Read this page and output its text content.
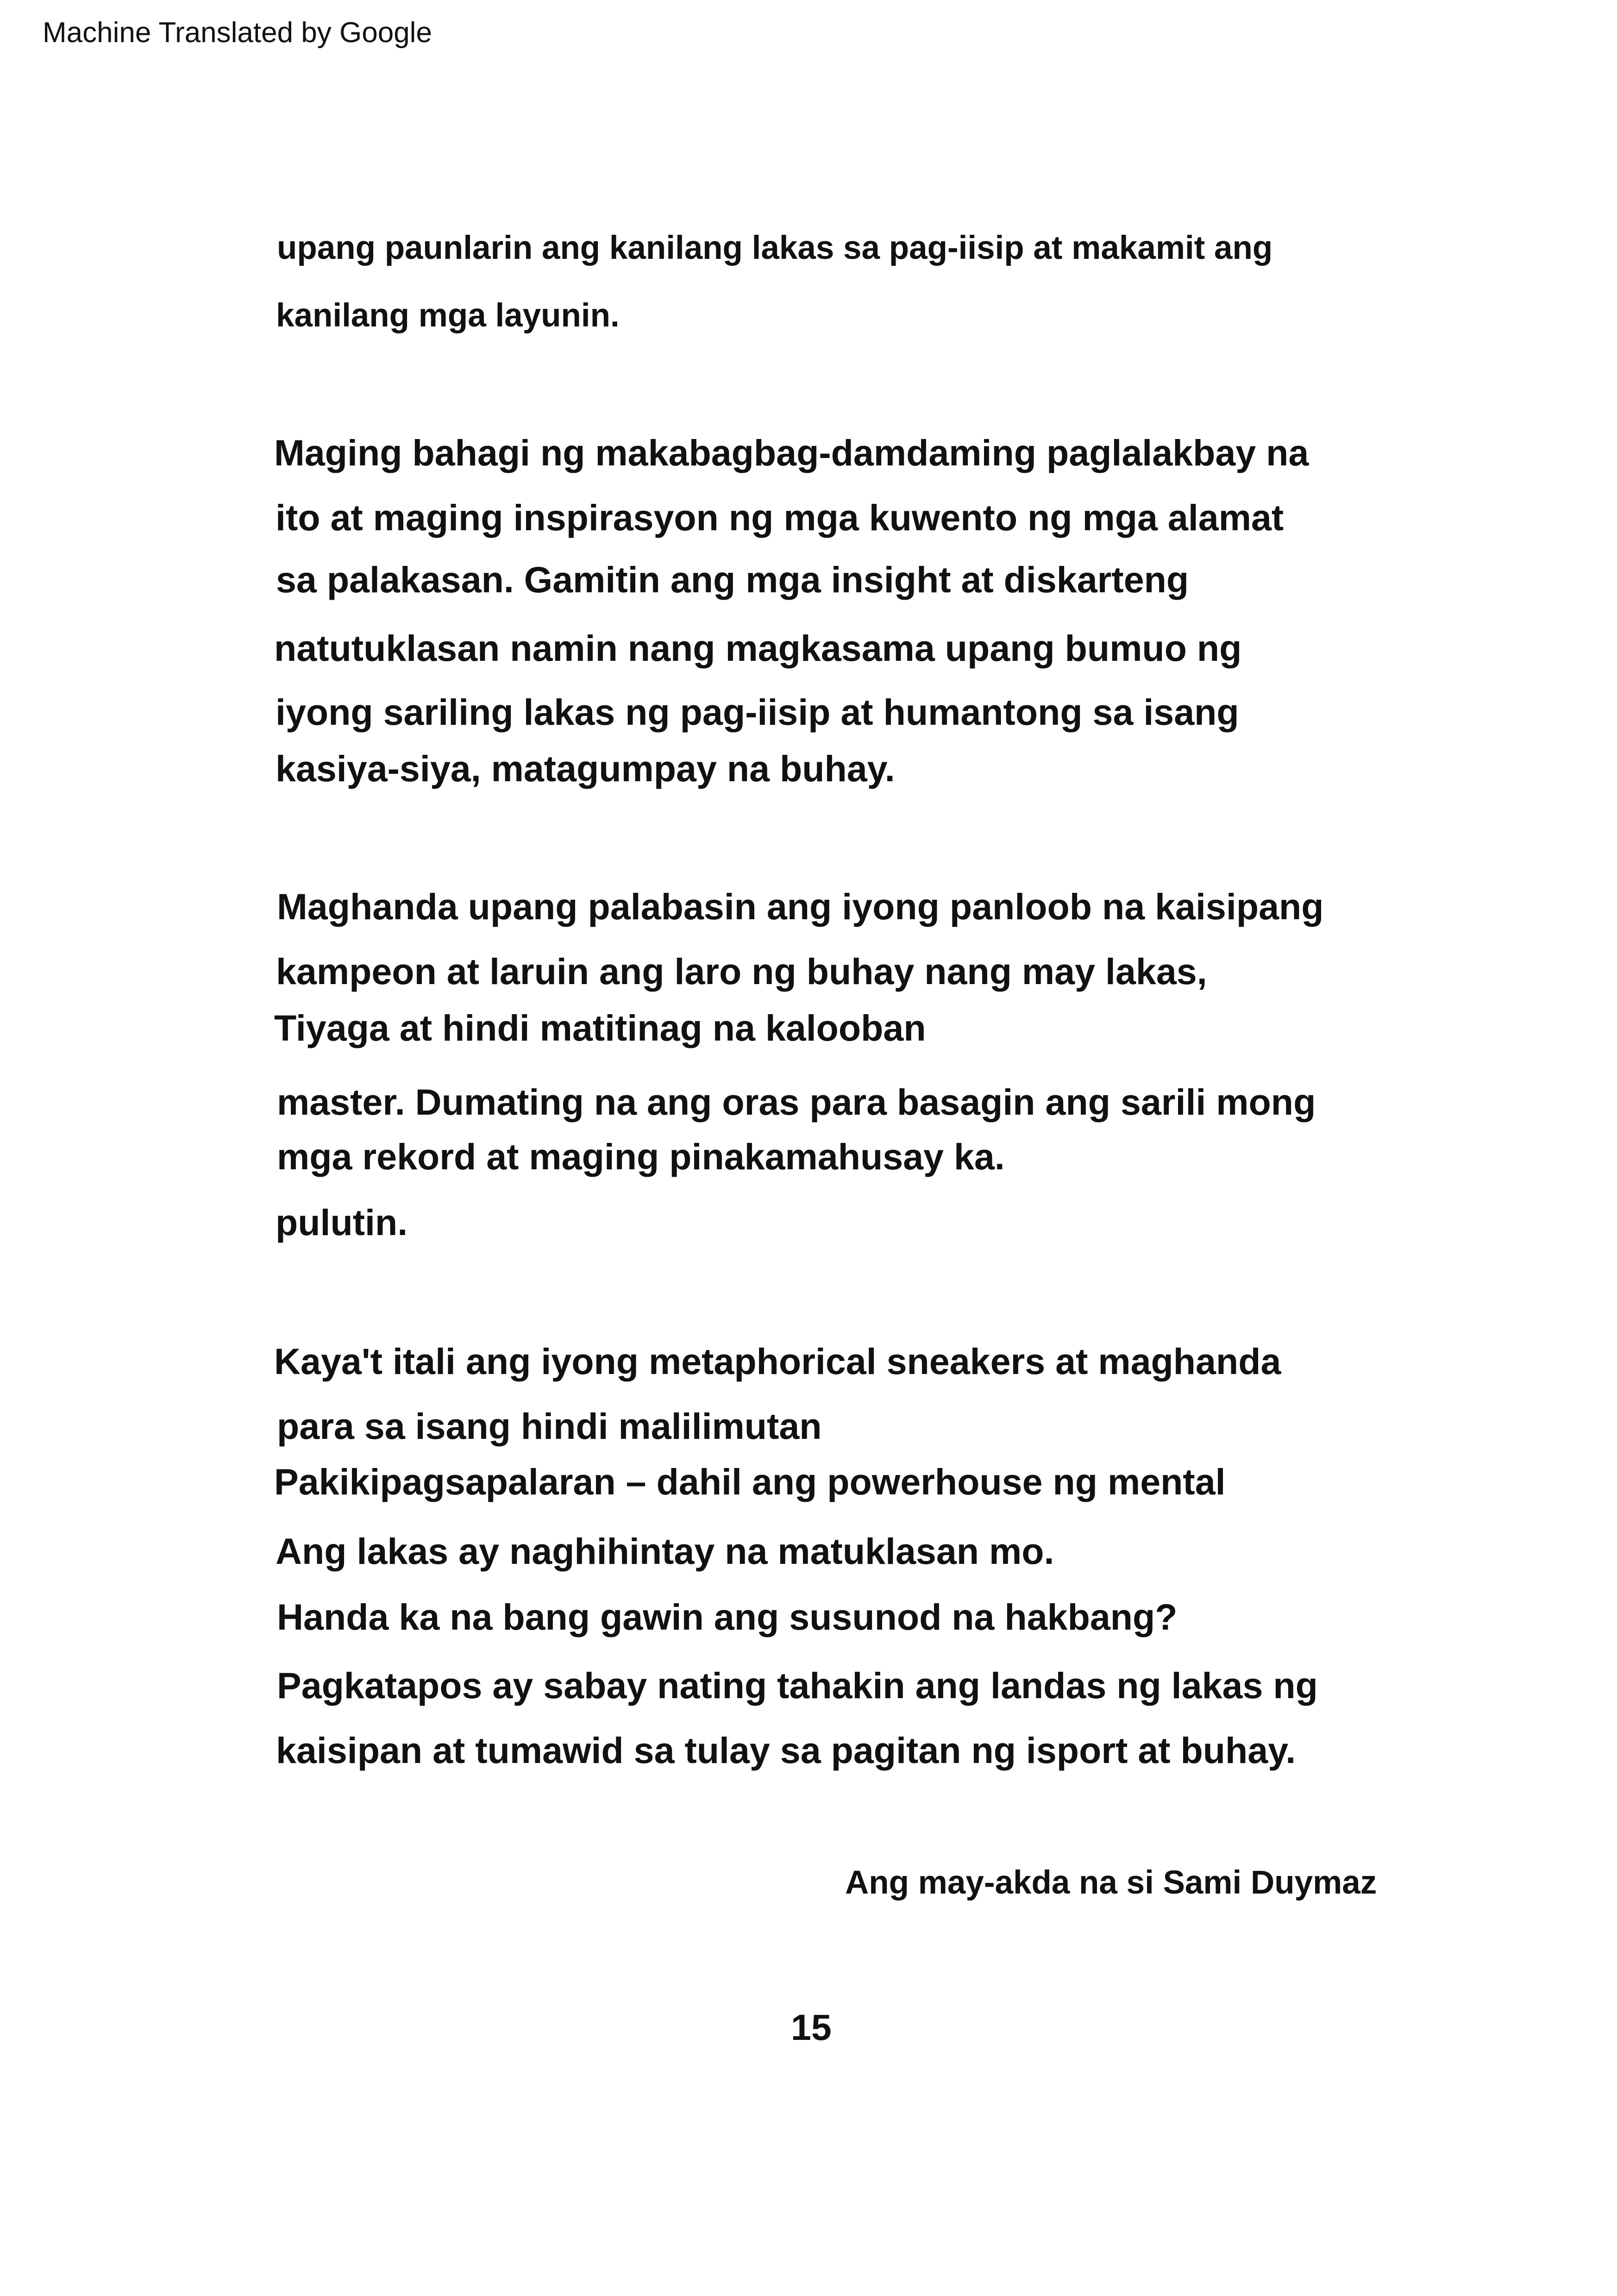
Machine Translated by Google
upang paunlarin ang kanilang lakas sa pag-iisip at makamit ang
kanilang mga layunin.
Maging bahagi ng makabagbag-damdaming paglalakbay na
ito at maging inspirasyon ng mga kuwento ng mga alamat
sa palakasan. Gamitin ang mga insight at diskarteng
natutuklasan namin nang magkasama upang bumuo ng
iyong sariling lakas ng pag-iisip at humantong sa isang
kasiya-siya, matagumpay na buhay.
Maghanda upang palabasin ang iyong panloob na kaisipang
kampeon at laruin ang laro ng buhay nang may lakas,
Tiyaga at hindi matitinag na kalooban
master. Dumating na ang oras para basagin ang sarili mong
mga rekord at maging pinakamahusay ka.
pulutin.
Kaya't itali ang iyong metaphorical sneakers at maghanda
para sa isang hindi malilimutan
Pakikipagsapalaran – dahil ang powerhouse ng mental
Ang lakas ay naghihintay na matuklasan mo.
Handa ka na bang gawin ang susunod na hakbang?
Pagkatapos ay sabay nating tahakin ang landas ng lakas ng
kaisipan at tumawid sa tulay sa pagitan ng isport at buhay.
Ang may-akda na si Sami Duymaz
15
